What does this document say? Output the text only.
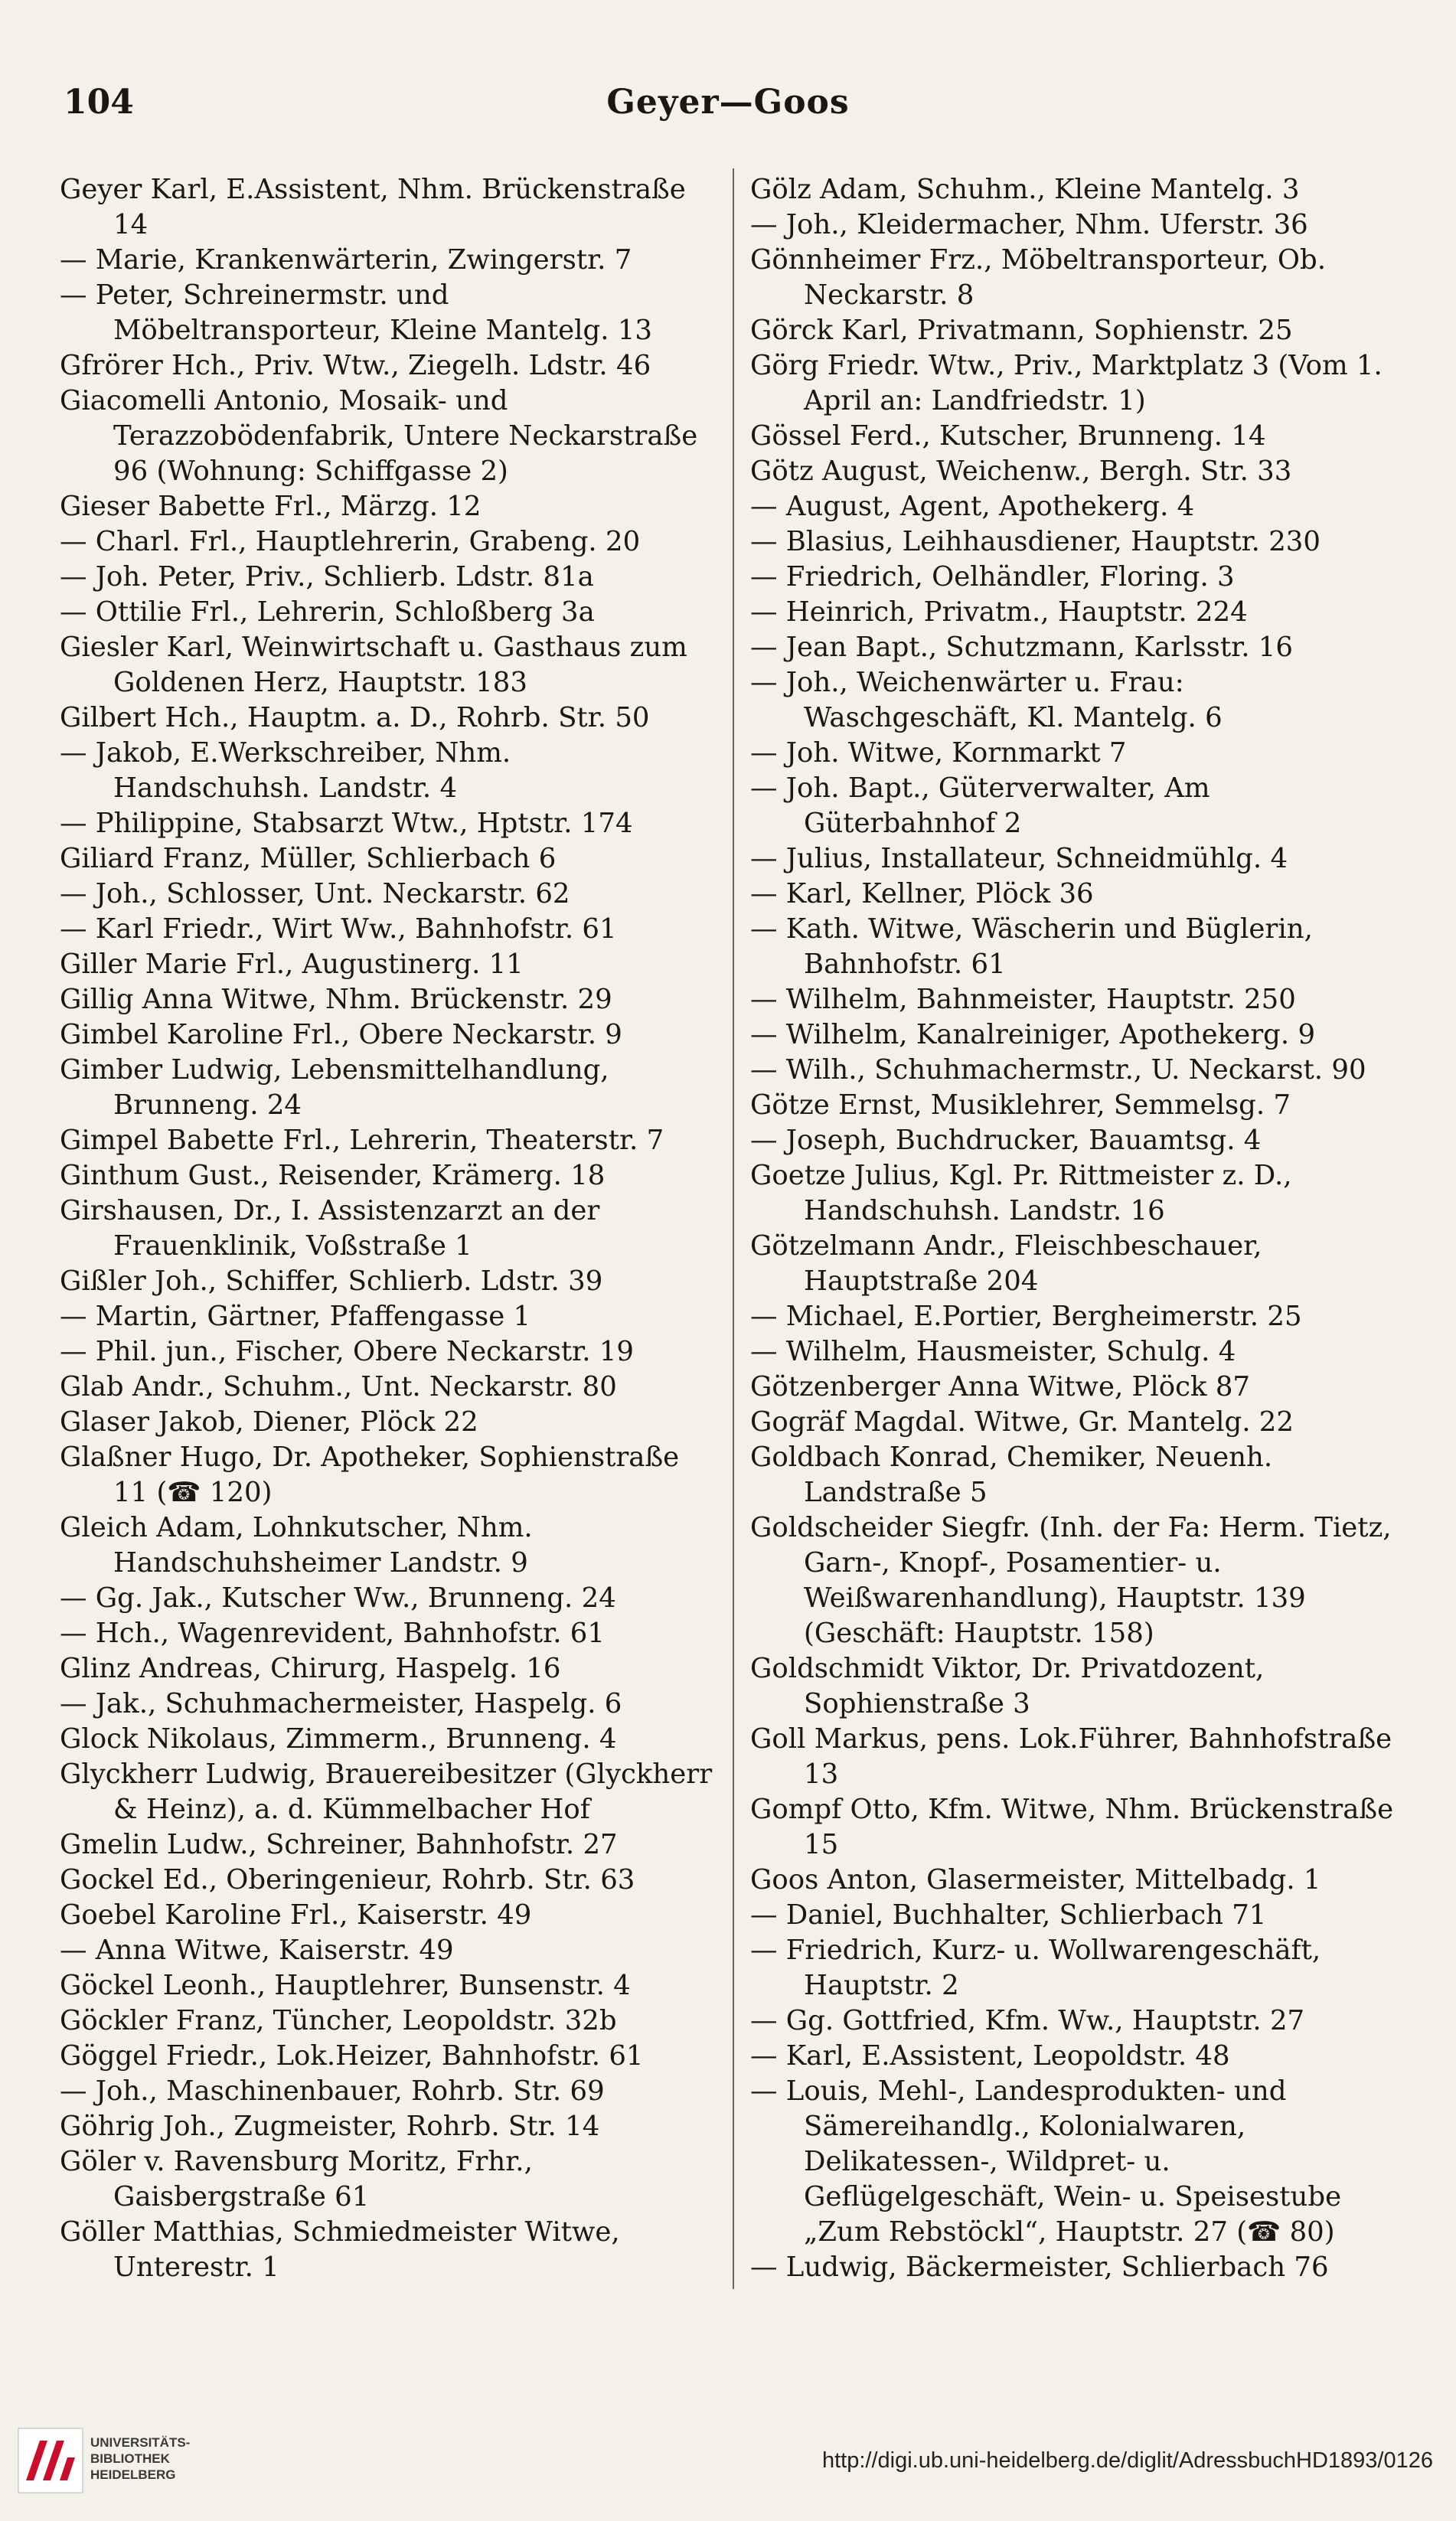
104	Geyer—Goos

Geyer Karl, E.Assistent, Nhm. Brückenstraße 14

— Marie, Krankenwärterin, Zwingerstr. 7

— Peter, Schreinermstr. und Möbeltransporteur, Kleine Mantelg. 13

Gfrörer Hch., Priv. Wtw., Ziegelh. Ldstr. 46

Giacomelli Antonio, Mosaik- und Terazzobödenfabrik, Untere Neckarstraße 96 (Wohnung: Schiffgasse 2)

Gieser Babette Frl., Märzg. 12

— Charl. Frl., Hauptlehrerin, Grabeng. 20

— Joh. Peter, Priv., Schlierb. Ldstr. 81a

— Ottilie Frl., Lehrerin, Schloßberg 3a

Giesler Karl, Weinwirtschaft u. Gasthaus zum Goldenen Herz, Hauptstr. 183

Gilbert Hch., Hauptm. a. D., Rohrb. Str. 50

— Jakob, E.Werkschreiber, Nhm. Handschuhsh. Landstr. 4

— Philippine, Stabsarzt Wtw., Hptstr. 174

Giliard Franz, Müller, Schlierbach 6

— Joh., Schlosser, Unt. Neckarstr. 62

— Karl Friedr., Wirt Ww., Bahnhofstr. 61

Giller Marie Frl., Augustinerg. 11

Gillig Anna Witwe, Nhm. Brückenstr. 29

Gimbel Karoline Frl., Obere Neckarstr. 9

Gimber Ludwig, Lebensmittelhandlung, Brunneng. 24

Gimpel Babette Frl., Lehrerin, Theaterstr. 7

Ginthum Gust., Reisender, Krämerg. 18

Girshausen, Dr., I. Assistenzarzt an der Frauenklinik, Voßstraße 1

Gißler Joh., Schiffer, Schlierb. Ldstr. 39

— Martin, Gärtner, Pfaffengasse 1

— Phil. jun., Fischer, Obere Neckarstr. 19

Glab Andr., Schuhm., Unt. Neckarstr. 80

Glaser Jakob, Diener, Plöck 22

Glaßner Hugo, Dr. Apotheker, Sophienstraße 11 (☎ 120)

Gleich Adam, Lohnkutscher, Nhm. Handschuhsheimer Landstr. 9

— Gg. Jak., Kutscher Ww., Brunneng. 24

— Hch., Wagenrevident, Bahnhofstr. 61

Glinz Andreas, Chirurg, Haspelg. 16

— Jak., Schuhmachermeister, Haspelg. 6

Glock Nikolaus, Zimmerm., Brunneng. 4

Glyckherr Ludwig, Brauereibesitzer (Glyckherr & Heinz), a. d. Kümmelbacher Hof

Gmelin Ludw., Schreiner, Bahnhofstr. 27

Gockel Ed., Oberingenieur, Rohrb. Str. 63

Goebel Karoline Frl., Kaiserstr. 49

— Anna Witwe, Kaiserstr. 49

Göckel Leonh., Hauptlehrer, Bunsenstr. 4

Göckler Franz, Tüncher, Leopoldstr. 32b

Göggel Friedr., Lok.Heizer, Bahnhofstr. 61

— Joh., Maschinenbauer, Rohrb. Str. 69

Göhrig Joh., Zugmeister, Rohrb. Str. 14

Göler v. Ravensburg Moritz, Frhr., Gaisbergstraße 61

Göller Matthias, Schmiedmeister Witwe, Unterestr. 1

Gölz Adam, Schuhm., Kleine Mantelg. 3

— Joh., Kleidermacher, Nhm. Uferstr. 36

Gönnheimer Frz., Möbeltransporteur, Ob. Neckarstr. 8

Görck Karl, Privatmann, Sophienstr. 25

Görg Friedr. Wtw., Priv., Marktplatz 3 (Vom 1. April an: Landfriedstr. 1)

Gössel Ferd., Kutscher, Brunneng. 14

Götz August, Weichenw., Bergh. Str. 33

— August, Agent, Apothekerg. 4

— Blasius, Leihhausdiener, Hauptstr. 230

— Friedrich, Oelhändler, Floring. 3

— Heinrich, Privatm., Hauptstr. 224

— Jean Bapt., Schutzmann, Karlsstr. 16

— Joh., Weichenwärter u. Frau: Waschgeschäft, Kl. Mantelg. 6

— Joh. Witwe, Kornmarkt 7

— Joh. Bapt., Güterverwalter, Am Güterbahnhof 2

— Julius, Installateur, Schneidmühlg. 4

— Karl, Kellner, Plöck 36

— Kath. Witwe, Wäscherin und Büglerin, Bahnhofstr. 61

— Wilhelm, Bahnmeister, Hauptstr. 250

— Wilhelm, Kanalreiniger, Apothekerg. 9

— Wilh., Schuhmachermstr., U. Neckarst. 90

Götze Ernst, Musiklehrer, Semmelsg. 7

— Joseph, Buchdrucker, Bauamtsg. 4

Goetze Julius, Kgl. Pr. Rittmeister z. D., Handschuhsh. Landstr. 16

Götzelmann Andr., Fleischbeschauer, Hauptstraße 204

— Michael, E.Portier, Bergheimerstr. 25

— Wilhelm, Hausmeister, Schulg. 4

Götzenberger Anna Witwe, Plöck 87

Gogräf Magdal. Witwe, Gr. Mantelg. 22

Goldbach Konrad, Chemiker, Neuenh. Landstraße 5

Goldscheider Siegfr. (Inh. der Fa: Herm. Tietz, Garn-, Knopf-, Posamentier- u. Weißwarenhandlung), Hauptstr. 139 (Geschäft: Hauptstr. 158)

Goldschmidt Viktor, Dr. Privatdozent, Sophienstraße 3

Goll Markus, pens. Lok.Führer, Bahnhofstraße 13

Gompf Otto, Kfm. Witwe, Nhm. Brückenstraße 15

Goos Anton, Glasermeister, Mittelbadg. 1

— Daniel, Buchhalter, Schlierbach 71

— Friedrich, Kurz- u. Wollwarengeschäft, Hauptstr. 2

— Gg. Gottfried, Kfm. Ww., Hauptstr. 27

— Karl, E.Assistent, Leopoldstr. 48

— Louis, Mehl-, Landesprodukten- und Sämereihandlg., Kolonialwaren, Delikatessen-, Wildpret- u. Geflügelgeschäft, Wein- u. Speisestube „Zum Rebstöckl“, Hauptstr. 27 (☎ 80)

— Ludwig, Bäckermeister, Schlierbach 76

UNIVERSITÄTS-
BIBLIOTHEK
HEIDELBERG
http://digi.ub.uni-heidelberg.de/diglit/AdressbuchHD1893/0126
